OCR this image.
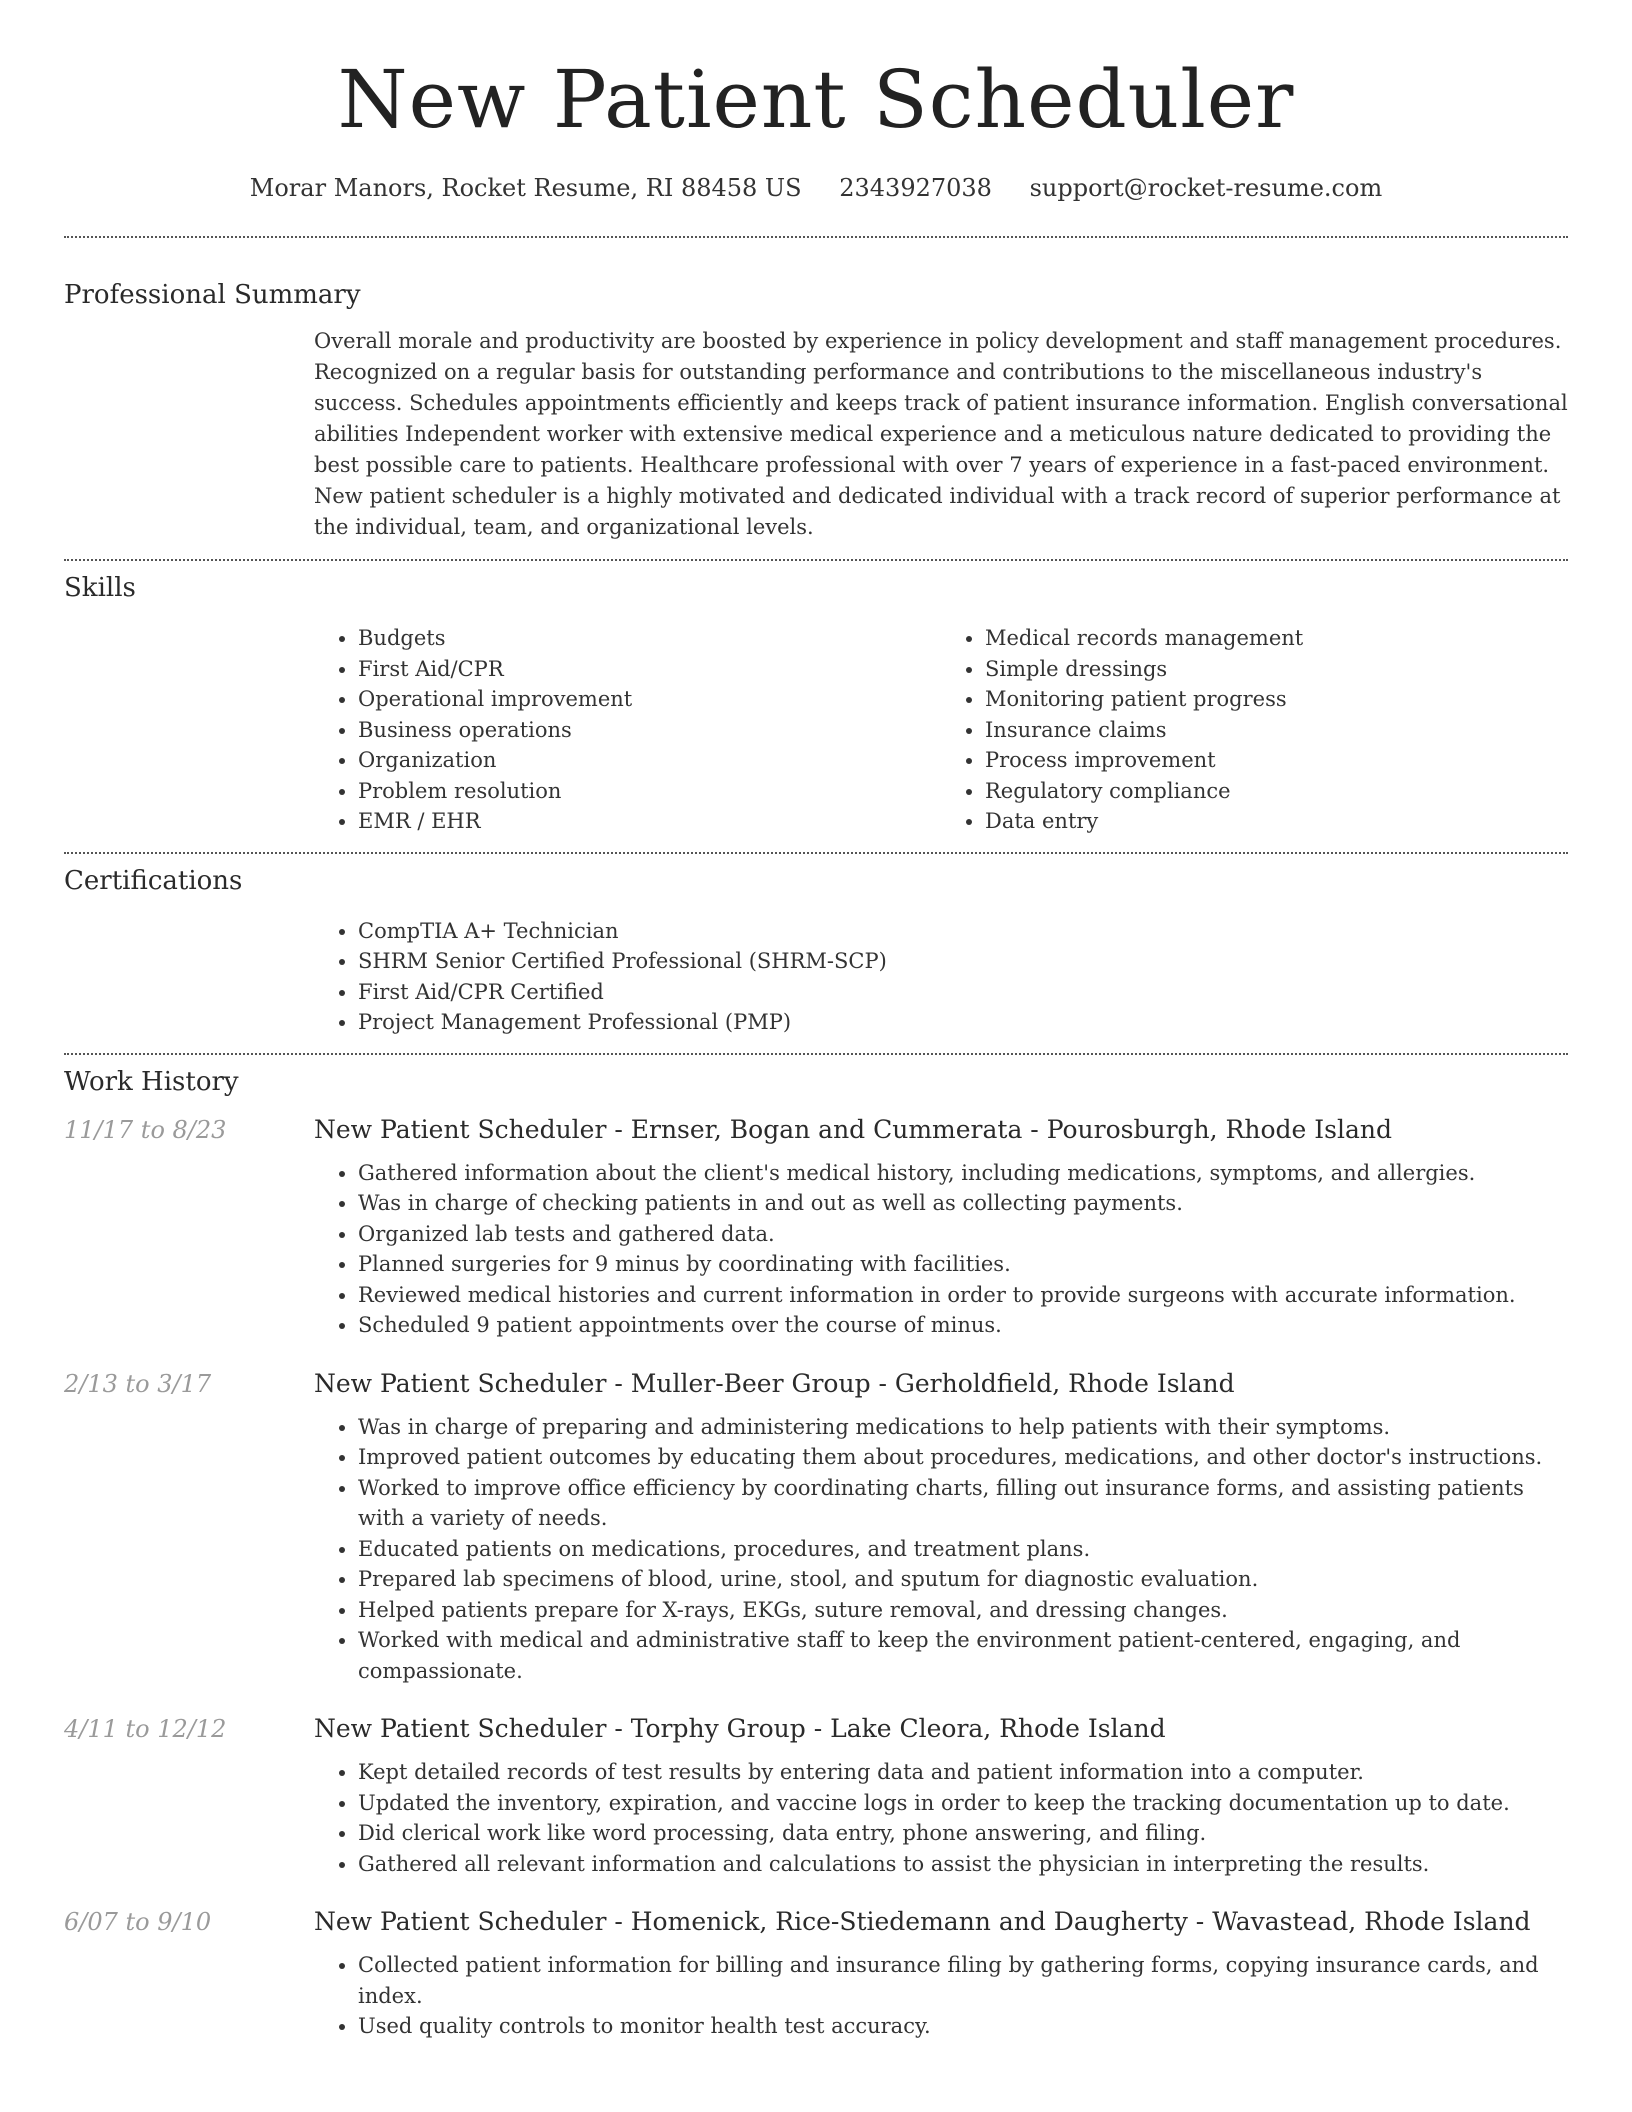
New Patient Scheduler
Morar Manors, Rocket Resume, RI 88458 US 2343927038 support@rocket-resume.com
Professional Summary
Overall morale and productivity are boosted by experience in policy development and staff management procedures. Recognized on a regular basis for outstanding performance and contributions to the miscellaneous industry's success. Schedules appointments efficiently and keeps track of patient insurance information. English conversational abilities Independent worker with extensive medical experience and a meticulous nature dedicated to providing the best possible care to patients. Healthcare professional with over 7 years of experience in a fast-paced environment. New patient scheduler is a highly motivated and dedicated individual with a track record of superior performance at the individual, team, and organizational levels.
Skills
• Budgets
• First Aid/CPR
• Operational improvement
• Business operations
• Organization
• Problem resolution
• EMR / EHR
• Medical records management
• Simple dressings
• Monitoring patient progress
• Insurance claims
• Process improvement
• Regulatory compliance
• Data entry
Certifications
• CompTIA A+ Technician
• SHRM Senior Certified Professional (SHRM-SCP)
• First Aid/CPR Certified
• Project Management Professional (PMP)
Work History
11/17 to 8/23	New Patient Scheduler - Ernser, Bogan and Cummerata - Pourosburgh, Rhode Island
• Gathered information about the client's medical history, including medications, symptoms, and allergies.
• Was in charge of checking patients in and out as well as collecting payments.
• Organized lab tests and gathered data.
• Planned surgeries for 9 minus by coordinating with facilities.
• Reviewed medical histories and current information in order to provide surgeons with accurate information.
• Scheduled 9 patient appointments over the course of minus.
2/13 to 3/17	New Patient Scheduler - Muller-Beer Group - Gerholdfield, Rhode Island
• Was in charge of preparing and administering medications to help patients with their symptoms.
• Improved patient outcomes by educating them about procedures, medications, and other doctor's instructions.
• Worked to improve office efficiency by coordinating charts, filling out insurance forms, and assisting patients with a variety of needs.
• Educated patients on medications, procedures, and treatment plans.
• Prepared lab specimens of blood, urine, stool, and sputum for diagnostic evaluation.
• Helped patients prepare for X-rays, EKGs, suture removal, and dressing changes.
• Worked with medical and administrative staff to keep the environment patient-centered, engaging, and compassionate.
4/11 to 12/12	New Patient Scheduler - Torphy Group - Lake Cleora, Rhode Island
• Kept detailed records of test results by entering data and patient information into a computer.
• Updated the inventory, expiration, and vaccine logs in order to keep the tracking documentation up to date.
• Did clerical work like word processing, data entry, phone answering, and filing.
• Gathered all relevant information and calculations to assist the physician in interpreting the results.
6/07 to 9/10	New Patient Scheduler - Homenick, Rice-Stiedemann and Daugherty - Wavastead, Rhode Island
• Collected patient information for billing and insurance filing by gathering forms, copying insurance cards, and index.
• Used quality controls to monitor health test accuracy.
